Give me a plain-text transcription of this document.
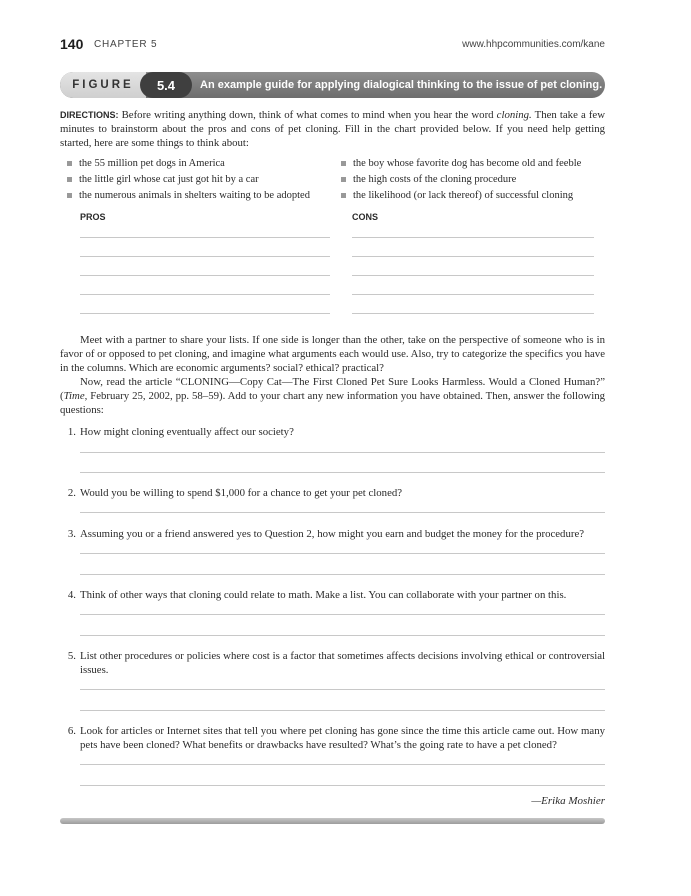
140 CHAPTER 5	www.hhpcommunities.com/kane
FIGURE	5.4	An example guide for applying dialogical thinking to the issue of pet cloning.
DIRECTIONS: Before writing anything down, think of what comes to mind when you hear the word cloning. Then take a few minutes to brainstorm about the pros and cons of pet cloning. Fill in the chart provided below. If you need help getting started, here are some things to think about:
the 55 million pet dogs in America
the little girl whose cat just got hit by a car
the numerous animals in shelters waiting to be adopted
the boy whose favorite dog has become old and feeble
the high costs of the cloning procedure
the likelihood (or lack thereof) of successful cloning
PROS	CONS
Meet with a partner to share your lists. If one side is longer than the other, take on the perspective of someone who is in favor of or opposed to pet cloning, and imagine what arguments each would use. Also, try to categorize the specifics you have in the columns. Which are economic arguments? social? ethical? practical?
Now, read the article “CLONING—Copy Cat—The First Cloned Pet Sure Looks Harmless. Would a Cloned Human?” (Time, February 25, 2002, pp. 58–59). Add to your chart any new information you have obtained. Then, answer the following questions:
1. How might cloning eventually affect our society?
2. Would you be willing to spend $1,000 for a chance to get your pet cloned?
3. Assuming you or a friend answered yes to Question 2, how might you earn and budget the money for the procedure?
4. Think of other ways that cloning could relate to math. Make a list. You can collaborate with your partner on this.
5. List other procedures or policies where cost is a factor that sometimes affects decisions involving ethical or controversial issues.
6. Look for articles or Internet sites that tell you where pet cloning has gone since the time this article came out. How many pets have been cloned? What benefits or drawbacks have resulted? What’s the going rate to have a pet cloned?
—Erika Moshier
